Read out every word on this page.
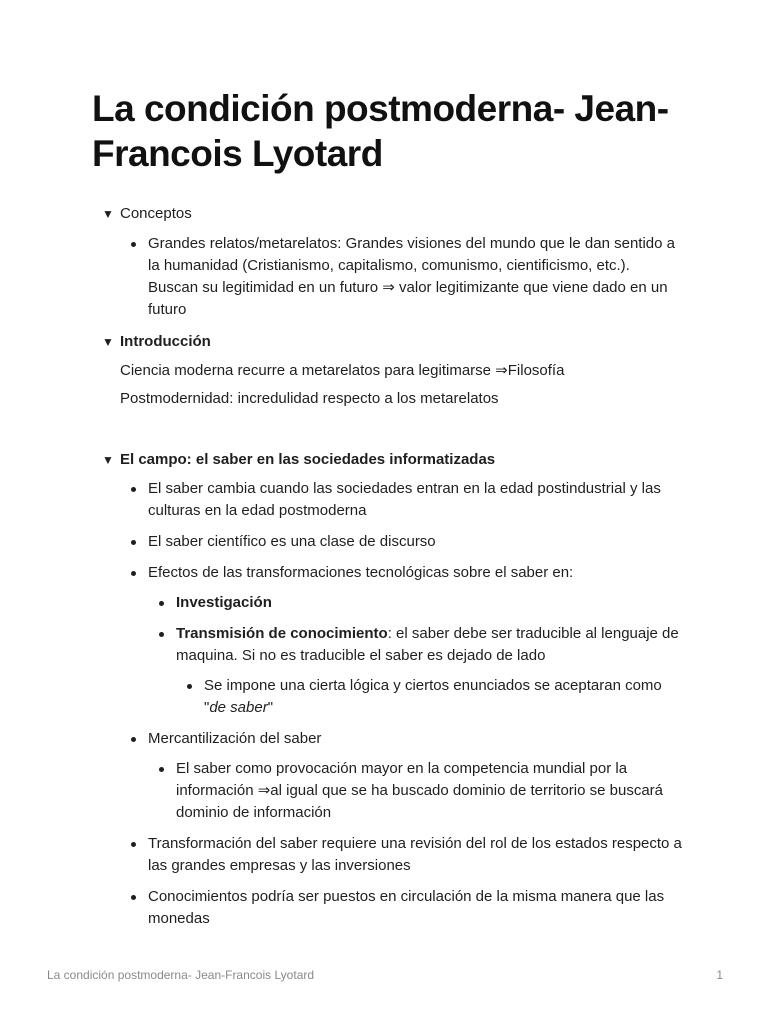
La condición postmoderna- Jean-Francois Lyotard
▼ Conceptos
Grandes relatos/metarelatos: Grandes visiones del mundo que le dan sentido a la humanidad (Cristianismo, capitalismo, comunismo, cientificismo, etc.). Buscan su legitimidad en un futuro ⇒ valor legitimizante que viene dado en un futuro
▼ Introducción

Ciencia moderna recurre a metarelatos para legitimarse ⇒Filosofía

Postmodernidad: incredulidad respecto a los metarelatos

▼ El campo: el saber en las sociedades informatizadas
El saber cambia cuando las sociedades entran en la edad postindustrial y las culturas en la edad postmoderna
El saber científico es una clase de discurso
Efectos de las transformaciones tecnológicas sobre el saber en:
Investigación
Transmisión de conocimiento: el saber debe ser traducible al lenguaje de maquina. Si no es traducible el saber es dejado de lado
Se impone una cierta lógica y ciertos enunciados se aceptaran como "de saber"
Mercantilización del saber
El saber como provocación mayor en la competencia mundial por la información ⇒al igual que se ha buscado dominio de territorio se buscará dominio de información
Transformación del saber requiere una revisión del rol de los estados respecto a las grandes empresas y las inversiones
Conocimientos podría ser puestos en circulación de la misma manera que las monedas
La condición postmoderna- Jean-Francois Lyotard	1
